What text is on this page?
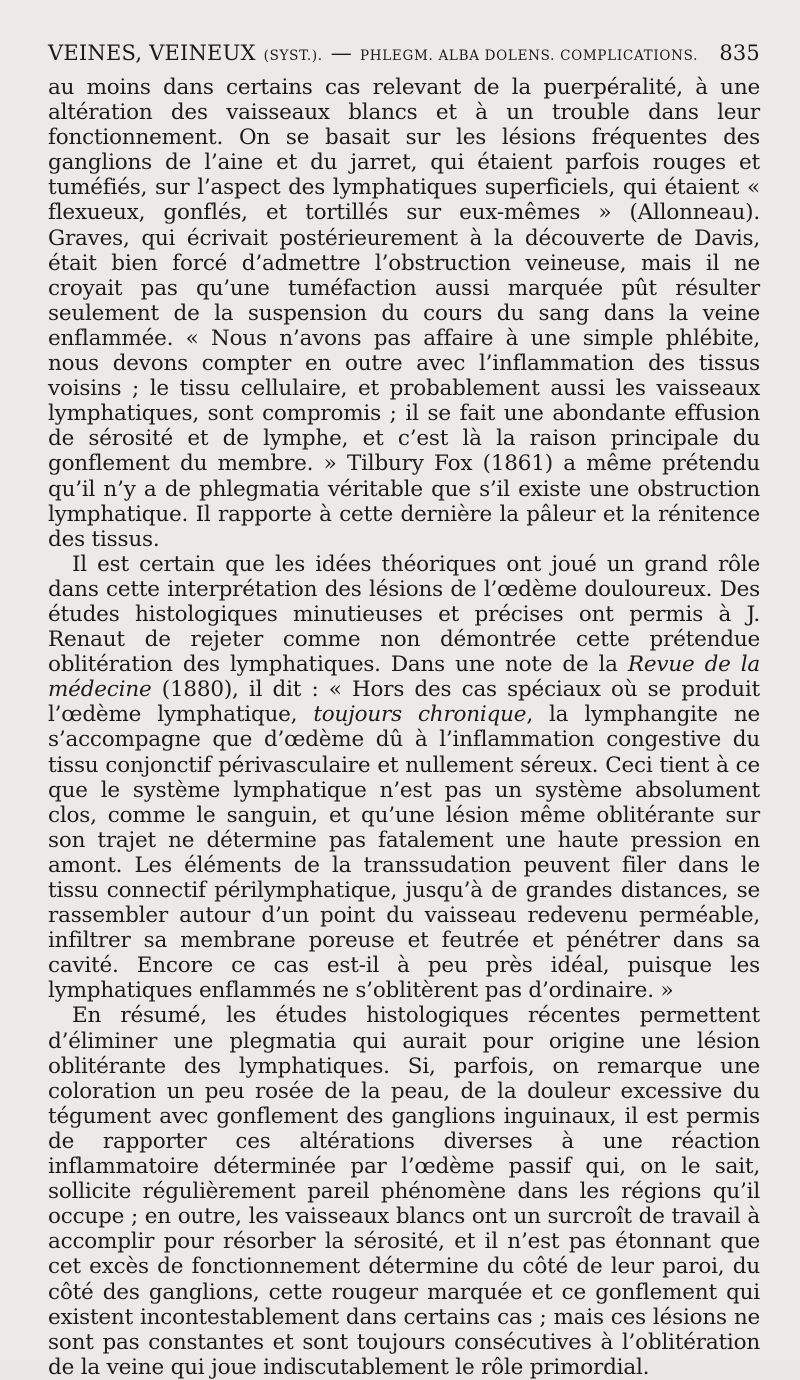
VEINES, VEINEUX (SYST.). — PHLEGM. ALBA DOLENS. COMPLICATIONS. 835

au moins dans certains cas relevant de la puerpéralité, à une altération des vaisseaux blancs et à un trouble dans leur fonctionnement. On se basait sur les lésions fréquentes des ganglions de l’aine et du jarret, qui étaient parfois rouges et tuméfiés, sur l’aspect des lymphatiques superficiels, qui étaient « flexueux, gonflés, et tortillés sur eux-mêmes » (Allonneau). Graves, qui écrivait postérieurement à la découverte de Davis, était bien forcé d’admettre l’obstruction veineuse, mais il ne croyait pas qu’une tuméfaction aussi marquée pût résulter seulement de la suspension du cours du sang dans la veine enflammée. « Nous n’avons pas affaire à une simple phlébite, nous devons compter en outre avec l’inflammation des tissus voisins ; le tissu cellulaire, et probablement aussi les vaisseaux lymphatiques, sont compromis ; il se fait une abondante effusion de sérosité et de lymphe, et c’est là la raison principale du gonflement du membre. » Tilbury Fox (1861) a même prétendu qu’il n’y a de phlegmatia véritable que s’il existe une obstruction lymphatique. Il rapporte à cette dernière la pâleur et la rénitence des tissus.

Il est certain que les idées théoriques ont joué un grand rôle dans cette interprétation des lésions de l’œdème douloureux. Des études histologiques minutieuses et précises ont permis à J. Renaut de rejeter comme non démontrée cette prétendue oblitération des lymphatiques. Dans une note de la Revue de la médecine (1880), il dit : « Hors des cas spéciaux où se produit l’œdème lymphatique, toujours chronique, la lymphangite ne s’accompagne que d’œdème dû à l’inflammation congestive du tissu conjonctif périvasculaire et nullement séreux. Ceci tient à ce que le système lymphatique n’est pas un système absolument clos, comme le sanguin, et qu’une lésion même oblitérante sur son trajet ne détermine pas fatalement une haute pression en amont. Les éléments de la transsudation peuvent filer dans le tissu connectif périlymphatique, jusqu’à de grandes distances, se rassembler autour d’un point du vaisseau redevenu perméable, infiltrer sa membrane poreuse et feutrée et pénétrer dans sa cavité. Encore ce cas est-il à peu près idéal, puisque les lymphatiques enflammés ne s’oblitèrent pas d’ordinaire. »

En résumé, les études histologiques récentes permettent d’éliminer une plegmatia qui aurait pour origine une lésion oblitérante des lymphatiques. Si, parfois, on remarque une coloration un peu rosée de la peau, de la douleur excessive du tégument avec gonflement des ganglions inguinaux, il est permis de rapporter ces altérations diverses à une réaction inflammatoire déterminée par l’œdème passif qui, on le sait, sollicite régulièrement pareil phénomène dans les régions qu’il occupe ; en outre, les vaisseaux blancs ont un surcroît de travail à accomplir pour résorber la sérosité, et il n’est pas étonnant que cet excès de fonctionnement détermine du côté de leur paroi, du côté des ganglions, cette rougeur marquée et ce gonflement qui existent incontestablement dans certains cas ; mais ces lésions ne sont pas constantes et sont toujours consécutives à l’oblitération de la veine qui joue indiscutablement le rôle primordial.
